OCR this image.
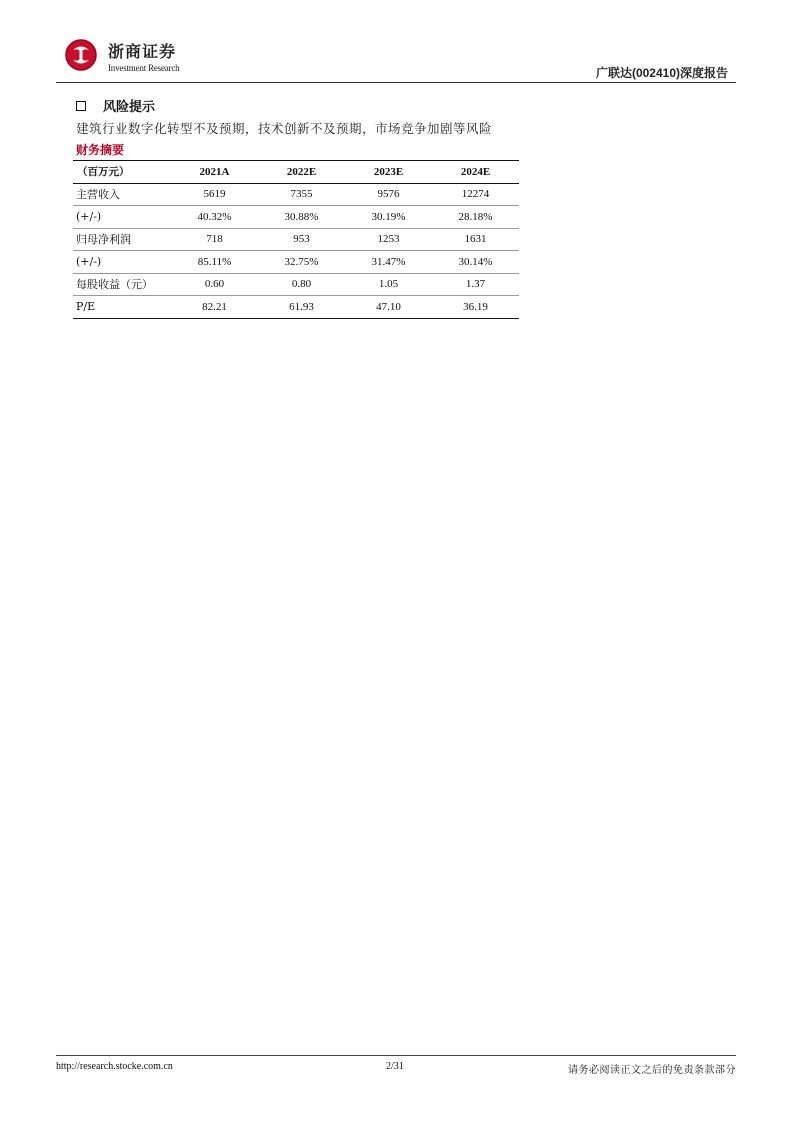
浙商证券
Investment Research	广联达(002410)深度报告
风险提示
建筑行业数字化转型不及预期，技术创新不及预期，市场竞争加剧等风险
财务摘要
（百万元）	2021A	2022E	2023E	2024E
主营收入	5619	7355	9576	12274
(+/-)	40.32%	30.88%	30.19%	28.18%
归母净利润	718	953	1253	1631
(+/-)	85.11%	32.75%	31.47%	30.14%
每股收益（元）	0.60	0.80	1.05	1.37
P/E	82.21	61.93	47.10	36.19
http://research.stocke.com.cn	2/31	请务必阅读正文之后的免责条款部分
